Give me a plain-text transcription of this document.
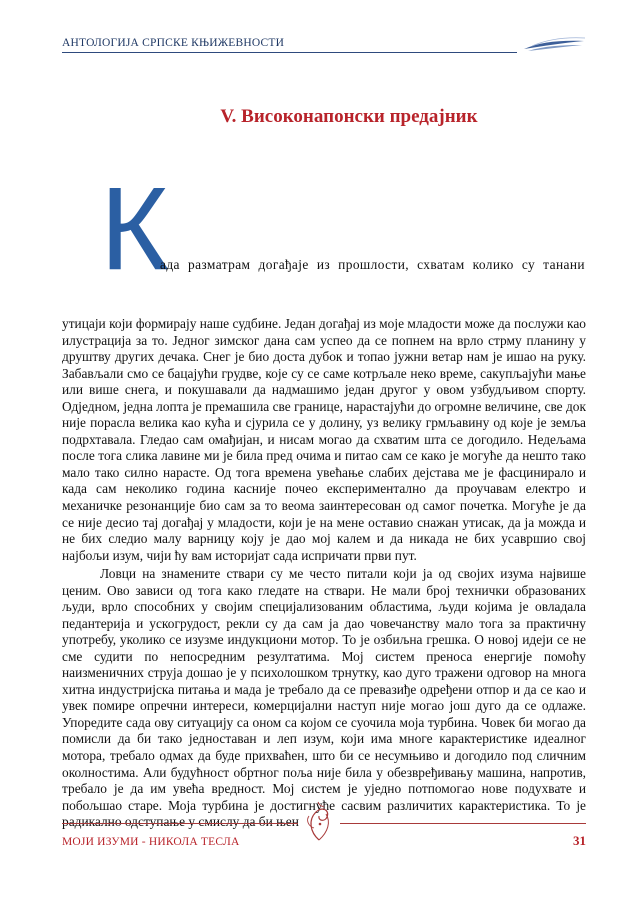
АНТОЛОГИЈА СРПСКЕ КЊИЖЕВНОСТИ
V. Високонапонски предајник
К
ада разматрам догађаје из прошлости, схватам колико су танани
утицаји који формирају наше судбине. Један догађај из моје младости може да послужи као илустрација за то. Једног зимског дана сам успео да се попнем на врло стрму планину у друштву других дечака. Снег је био доста дубок и топао јужни ветар нам је ишао на руку. Забављали смо се бацајући грудве, које су се саме котрљале неко време, сакупљајући мање или више снега, и покушавали да надмашимо један другог у овом узбудљивом спорту. Одједном, једна лопта је премашила све границе, нарастајући до огромне величине, све док није порасла велика као кућа и сјурила се у долину, уз велику грмљавину од које је земља подрхтавала. Гледао сам омађијан, и нисам могао да схватим шта се догодило. Недељама после тога слика лавине ми је била пред очима и питао сам се како је могуће да нешто тако мало тако силно нарасте. Од тога времена увећање слабих дејстава ме је фасцинирало и када сам неколико година касније почео експериментално да проучавам електро и механичке резонанције био сам за то веома заинтересован од самог почетка. Могуће је да се није десио тај догађај у младости, који је на мене оставио снажан утисак, да ја можда и не бих следио малу варницу коју је дао мој калем и да никада не бих усавршио свој најбољи изум, чији ћу вам историјат сада испричати први пут.
Ловци на знамените ствари су ме често питали који ја од својих изума највише ценим. Ово зависи од тога како гледате на ствари. Не мали број технички образованих људи, врло способних у својим специјализованим областима, људи којима је овладала педантерија и ускогрудост, рекли су да сам ја дао човечанству мало тога за практичну употребу, уколико се изузме индукциони мотор. То је озбиљна грешка. О новој идеји се не сме судити по непосредним резултатима. Мој систем преноса енергије помоћу наизменичних струја дошао је у психолошком трнутку, као дуго тражени одговор на многа хитна индустријска питања и мада је требало да се превазиђе одређени отпор и да се као и увек помире опречни интереси, комерцијални наступ није могао још дуго да се одлаже. Упоредите сада ову ситуацију са оном са којом се суочила моја турбина. Човек би могао да помисли да би тако једноставан и леп изум, који има многе карактеристике идеалног мотора, требало одмах да буде прихваћен, што би се несумњиво и догодило под сличним околностима. Али будућност обртног поља није била у обезвређивању машина, напротив, требало је да им увећа вредност. Мој систем је уједно потпомогао нове подухвате и побољшао старе. Моја турбина је достигнуће сасвим различитих карактеристика. То је радикално одступање у смислу да би њен
МОЈИ ИЗУМИ - НИКОЛА ТЕСЛА	31
